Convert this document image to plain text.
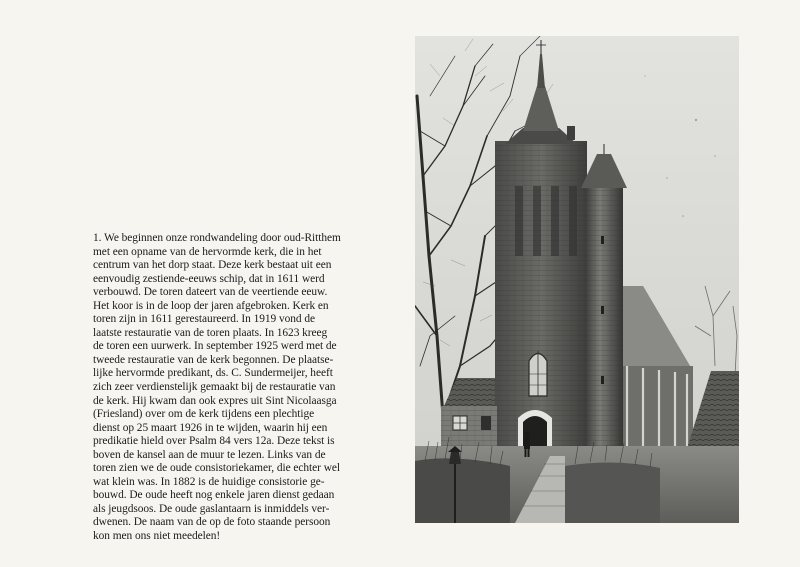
1. We beginnen onze rondwandeling door oud-Ritthem
met een opname van de hervormde kerk, die in het
centrum van het dorp staat. Deze kerk bestaat uit een
eenvoudig zestiende-eeuws schip, dat in 1611 werd
verbouwd. De toren dateert van de veertiende eeuw.
Het koor is in de loop der jaren afgebroken. Kerk en
toren zijn in 1611 gerestaureerd. In 1919 vond de
laatste restauratie van de toren plaats. In 1623 kreeg
de toren een uurwerk. In september 1925 werd met de
tweede restauratie van de kerk begonnen. De plaatse-
lijke hervormde predikant, ds. C. Sundermeijer, heeft
zich zeer verdienstelijk gemaakt bij de restauratie van
de kerk. Hij kwam dan ook expres uit Sint Nicolaasga
(Friesland) over om de kerk tijdens een plechtige
dienst op 25 maart 1926 in te wijden, waarin hij een
predikatie hield over Psalm 84 vers 12a. Deze tekst is
boven de kansel aan de muur te lezen. Links van de
toren zien we de oude consistoriekamer, die echter wel
wat klein was. In 1882 is de huidige consistorie ge-
bouwd. De oude heeft nog enkele jaren dienst gedaan
als jeugdsoos. De oude gaslantaarn is inmiddels ver-
dwenen. De naam van de op de foto staande persoon
kon men ons niet meedelen!
